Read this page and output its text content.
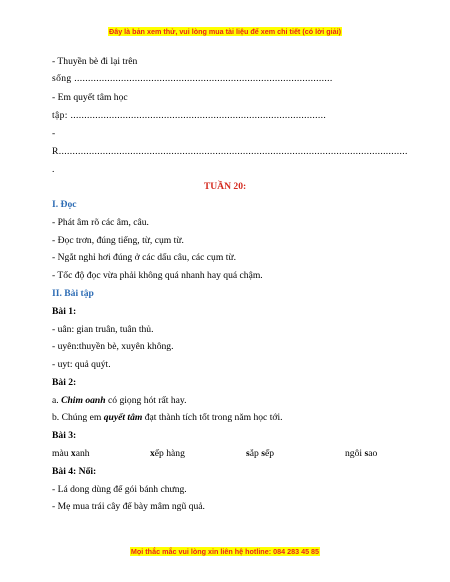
Đây là bản xem thử, vui lòng mua tài liệu để xem chi tiết (có lời giải)
- Thuyền bè đi lại trên
sống ..............................................................................................
- Em quyết tâm học
tập: .............................................................................................
-
R...............................................................................................................................
.
TUẦN 20:
I. Đọc
- Phát âm rõ các âm, câu.
- Đọc trơn, đúng tiếng, từ, cụm từ.
- Ngắt nghỉ hơi đúng ở các dấu câu, các cụm từ.
- Tốc độ đọc vừa phải không quá nhanh hay quá chậm.
II. Bài tập
Bài 1:
- uân: gian truân, tuân thủ.
- uyên:thuyền bè, xuyên không.
- uyt: quả quýt.
Bài 2:
a. Chim oanh có giọng hót rất hay.
b. Chúng em quyết tâm đạt thành tích tốt trong năm học tới.
Bài 3:
màu xanh	xếp hàng	sắp sếp	ngôi sao
Bài 4: Nối:
- Lá dong dùng để gói bánh chưng.
- Mẹ mua trái cây để bày mâm ngũ quả.
Mọi thắc mắc vui lòng xin liên hệ hotline: 084 283 45 85
